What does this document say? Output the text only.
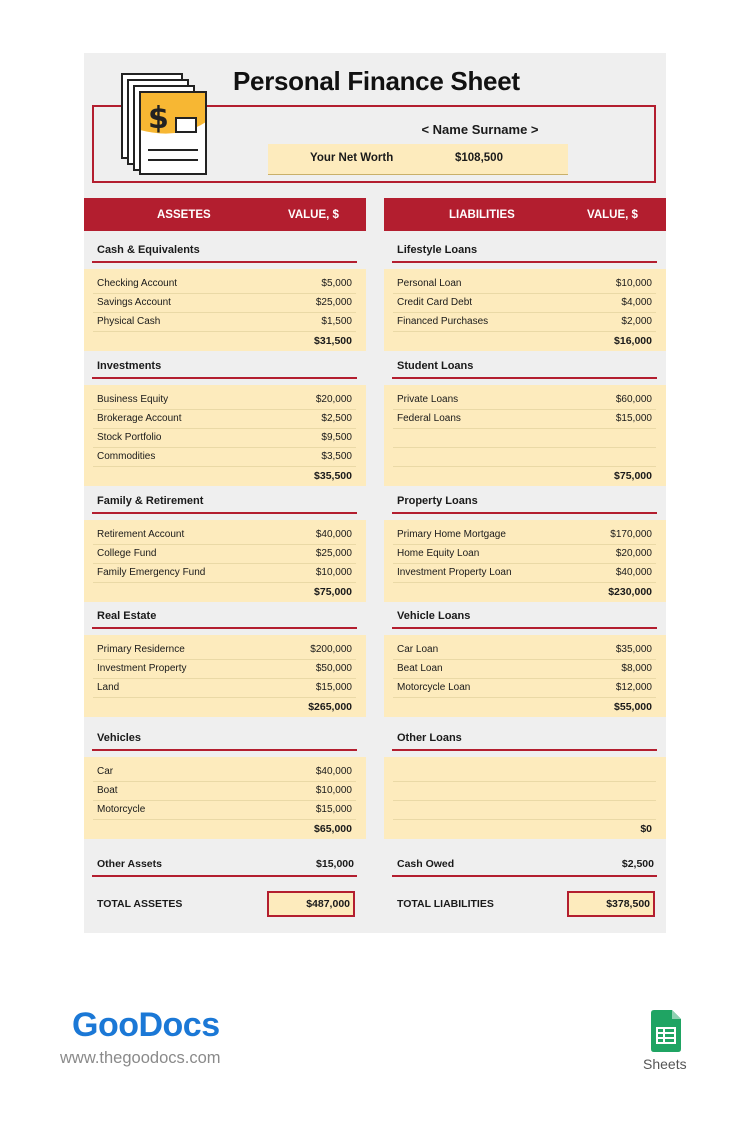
$
Personal Finance Sheet
< Name Surname >
Your Net Worth	$108,500
ASSETES	VALUE, $	LIABILITIES	VALUE, $
Cash & Equivalents
Checking Account	$5,000
Savings Account	$25,000
Physical Cash	$1,500
$31,500
Investments
Business Equity	$20,000
Brokerage Account	$2,500
Stock Portfolio	$9,500
Commodities	$3,500
$35,500
Family & Retirement
Retirement Account	$40,000
College Fund	$25,000
Family Emergency Fund	$10,000
$75,000
Real Estate
Primary Residernce	$200,000
Investment Property	$50,000
Land	$15,000
$265,000
Vehicles
Car	$40,000
Boat	$10,000
Motorcycle	$15,000
$65,000
Lifestyle Loans
Personal Loan	$10,000
Credit Card Debt	$4,000
Financed Purchases	$2,000
$16,000
Student Loans
Private Loans	$60,000
Federal Loans	$15,000
$75,000
Property Loans
Primary Home Mortgage	$170,000
Home Equity Loan	$20,000
Investment Property Loan	$40,000
$230,000
Vehicle Loans
Car Loan	$35,000
Beat Loan	$8,000
Motorcycle Loan	$12,000
$55,000
Other Loans
$0
Other Assets	$15,000	Cash Owed	$2,500
TOTAL ASSETES	$487,000	TOTAL LIABILITIES	$378,500
GooDocs
www.thegoodocs.com	Sheets
